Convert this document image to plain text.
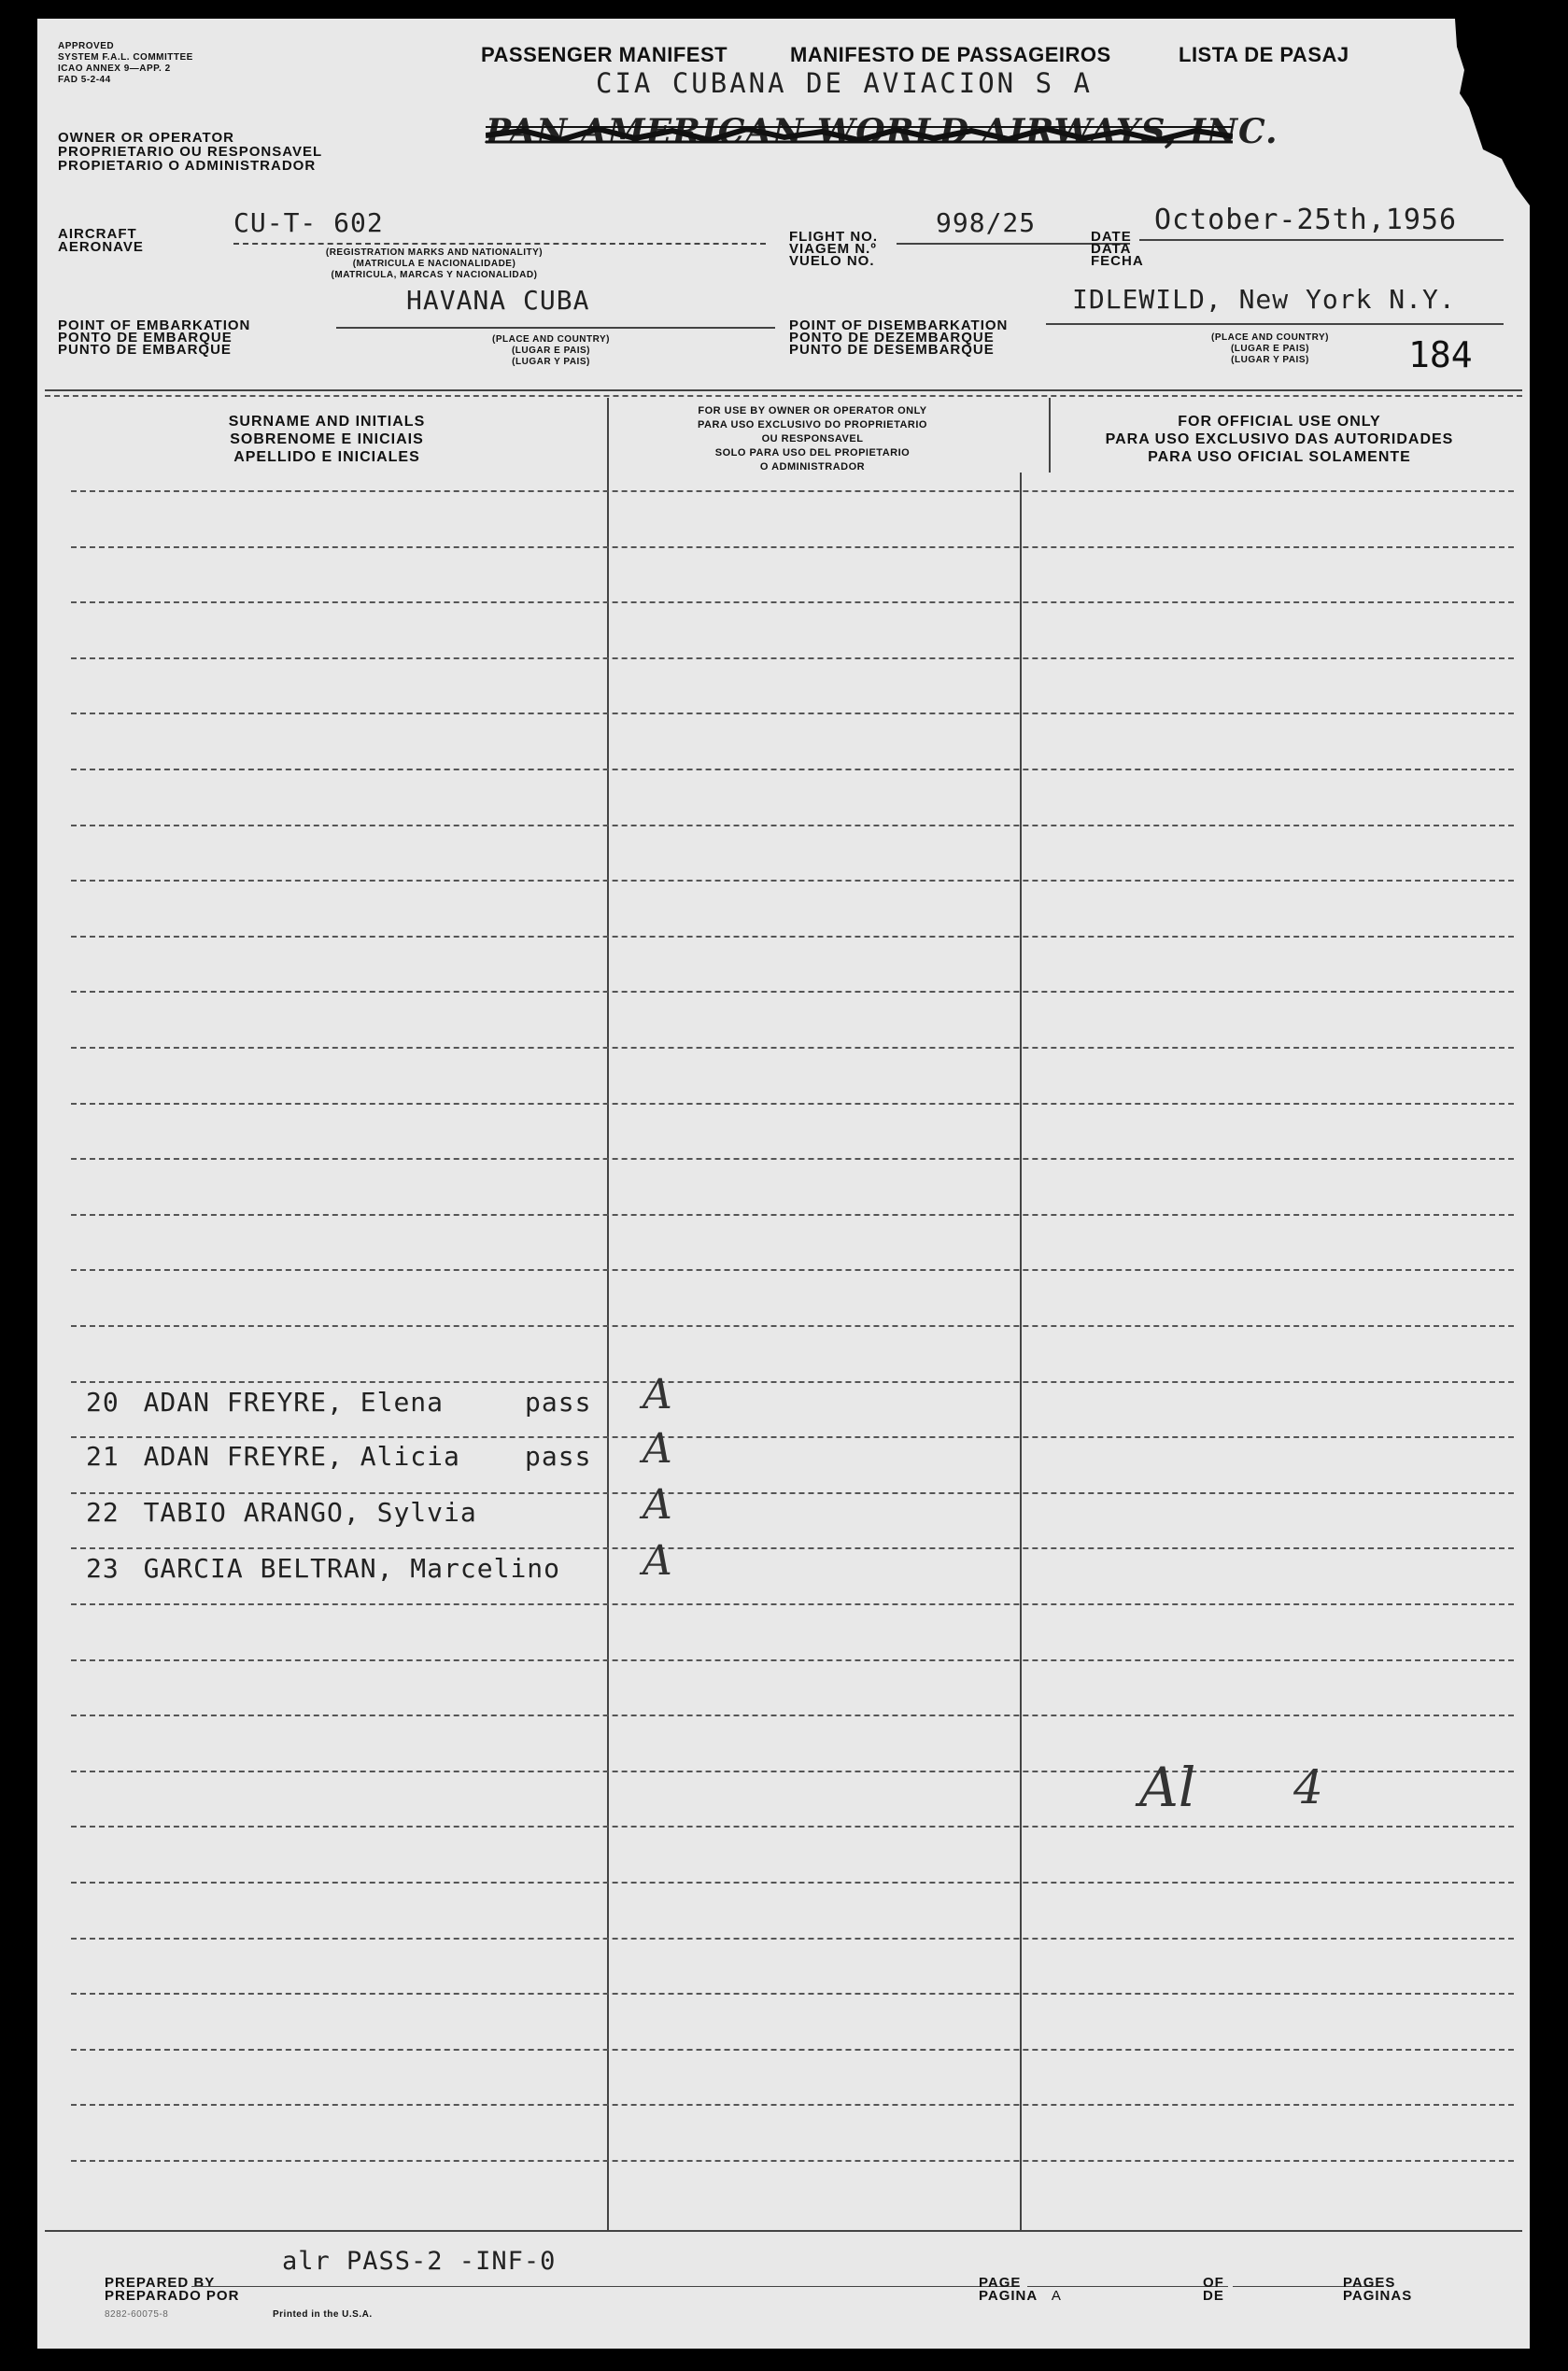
APPROVED
SYSTEM F.A.L. COMMITTEE
ICAO ANNEX 9—APP. 2
FAD 5-2-44
PASSENGER MANIFEST	MANIFESTO DE PASSAGEIROS	LISTA DE PASAJ
CIA CUBANA DE AVIACION S A
OWNER OR OPERATOR
PROPRIETARIO OU RESPONSAVEL
PROPIETARIO O ADMINISTRADOR
PAN AMERICAN WORLD AIRWAYS, INC.
AIRCRAFT
AERONAVE
CU-T- 602
(REGISTRATION MARKS AND NATIONALITY)
(MATRICULA E NACIONALIDADE)
(MATRICULA, MARCAS Y NACIONALIDAD)
FLIGHT NO.
VIAGEM N.º
VUELO NO.
998/25	DATE
DATA
FECHA
October-25th,1956
POINT OF EMBARKATION
PONTO DE EMBARQUE
PUNTO DE EMBARQUE
HAVANA CUBA
(PLACE AND COUNTRY)
(LUGAR E PAIS)
(LUGAR Y PAIS)
POINT OF DISEMBARKATION
PONTO DE DEZEMBARQUE
PUNTO DE DESEMBARQUE
IDLEWILD, New York N.Y.
(PLACE AND COUNTRY)
(LUGAR E PAIS)
(LUGAR Y PAIS)	184
SURNAME AND INITIALS
SOBRENOME E INICIAIS
APELLIDO E INICIALES
FOR USE BY OWNER OR OPERATOR ONLY
PARA USO EXCLUSIVO DO PROPRIETARIO
OU RESPONSAVEL
SOLO PARA USO DEL PROPIETARIO
O ADMINISTRADOR
FOR OFFICIAL USE ONLY
PARA USO EXCLUSIVO DAS AUTORIDADES
PARA USO OFICIAL SOLAMENTE
20 ADAN FREYRE, Elena	pass A
21 ADAN FREYRE, Alicia pass A
22 TABIO ARANGO, Sylvia	A
23 GARCIA BELTRAN, Marcelino A
Al 4
PREPARED BY
PREPARADO POR
alr PASS-2 -INF-0
PAGE
PAGINA A
OF
DE
PAGES
PAGINAS
8282-60075-8	Printed in the U.S.A.
